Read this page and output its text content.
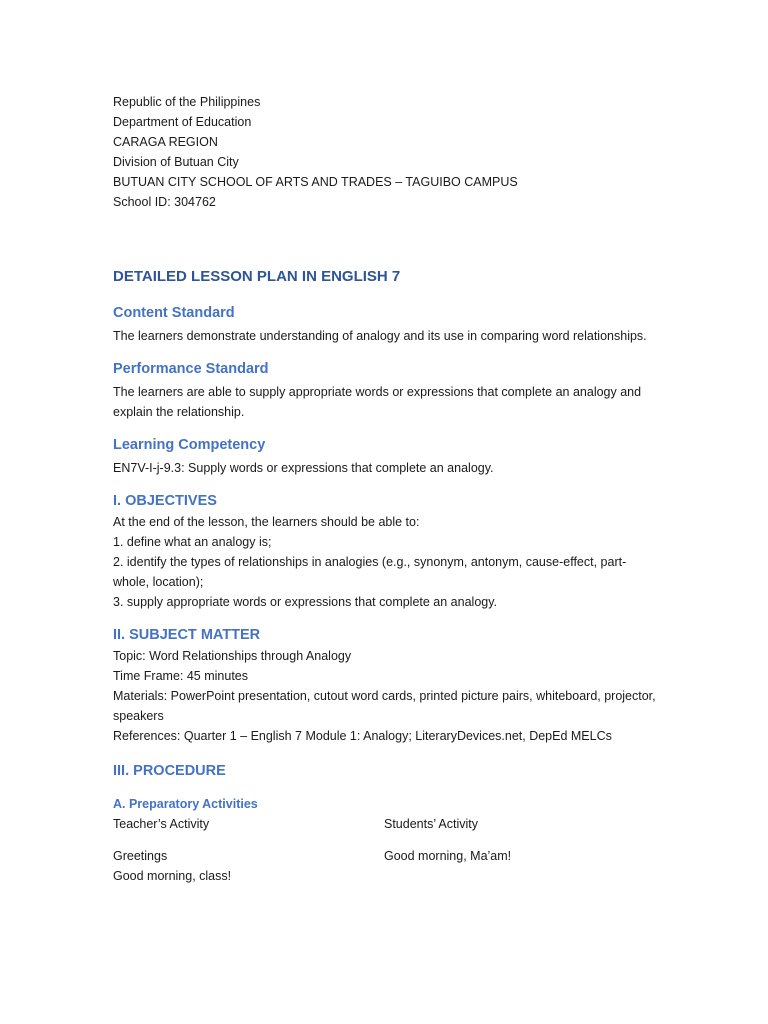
Republic of the Philippines

Department of Education

CARAGA REGION

Division of Butuan City

BUTUAN CITY SCHOOL OF ARTS AND TRADES – TAGUIBO CAMPUS

School ID: 304762

DETAILED LESSON PLAN IN ENGLISH 7
Content Standard

The learners demonstrate understanding of analogy and its use in comparing word relationships.

Performance Standard

The learners are able to supply appropriate words or expressions that complete an analogy and explain the relationship.

Learning Competency

EN7V-I-j-9.3: Supply words or expressions that complete an analogy.

I. OBJECTIVES

At the end of the lesson, the learners should be able to:

1. define what an analogy is;

2. identify the types of relationships in analogies (e.g., synonym, antonym, cause-effect, part-whole, location);

3. supply appropriate words or expressions that complete an analogy.

II. SUBJECT MATTER

Topic: Word Relationships through Analogy

Time Frame: 45 minutes

Materials: PowerPoint presentation, cutout word cards, printed picture pairs, whiteboard, projector, speakers

References: Quarter 1 – English 7 Module 1: Analogy; LiteraryDevices.net, DepEd MELCs

III. PROCEDURE
A. Preparatory Activities

Teacher’s Activity	Students’ Activity

Greetings	Good morning, Ma’am!

Good morning, class!
